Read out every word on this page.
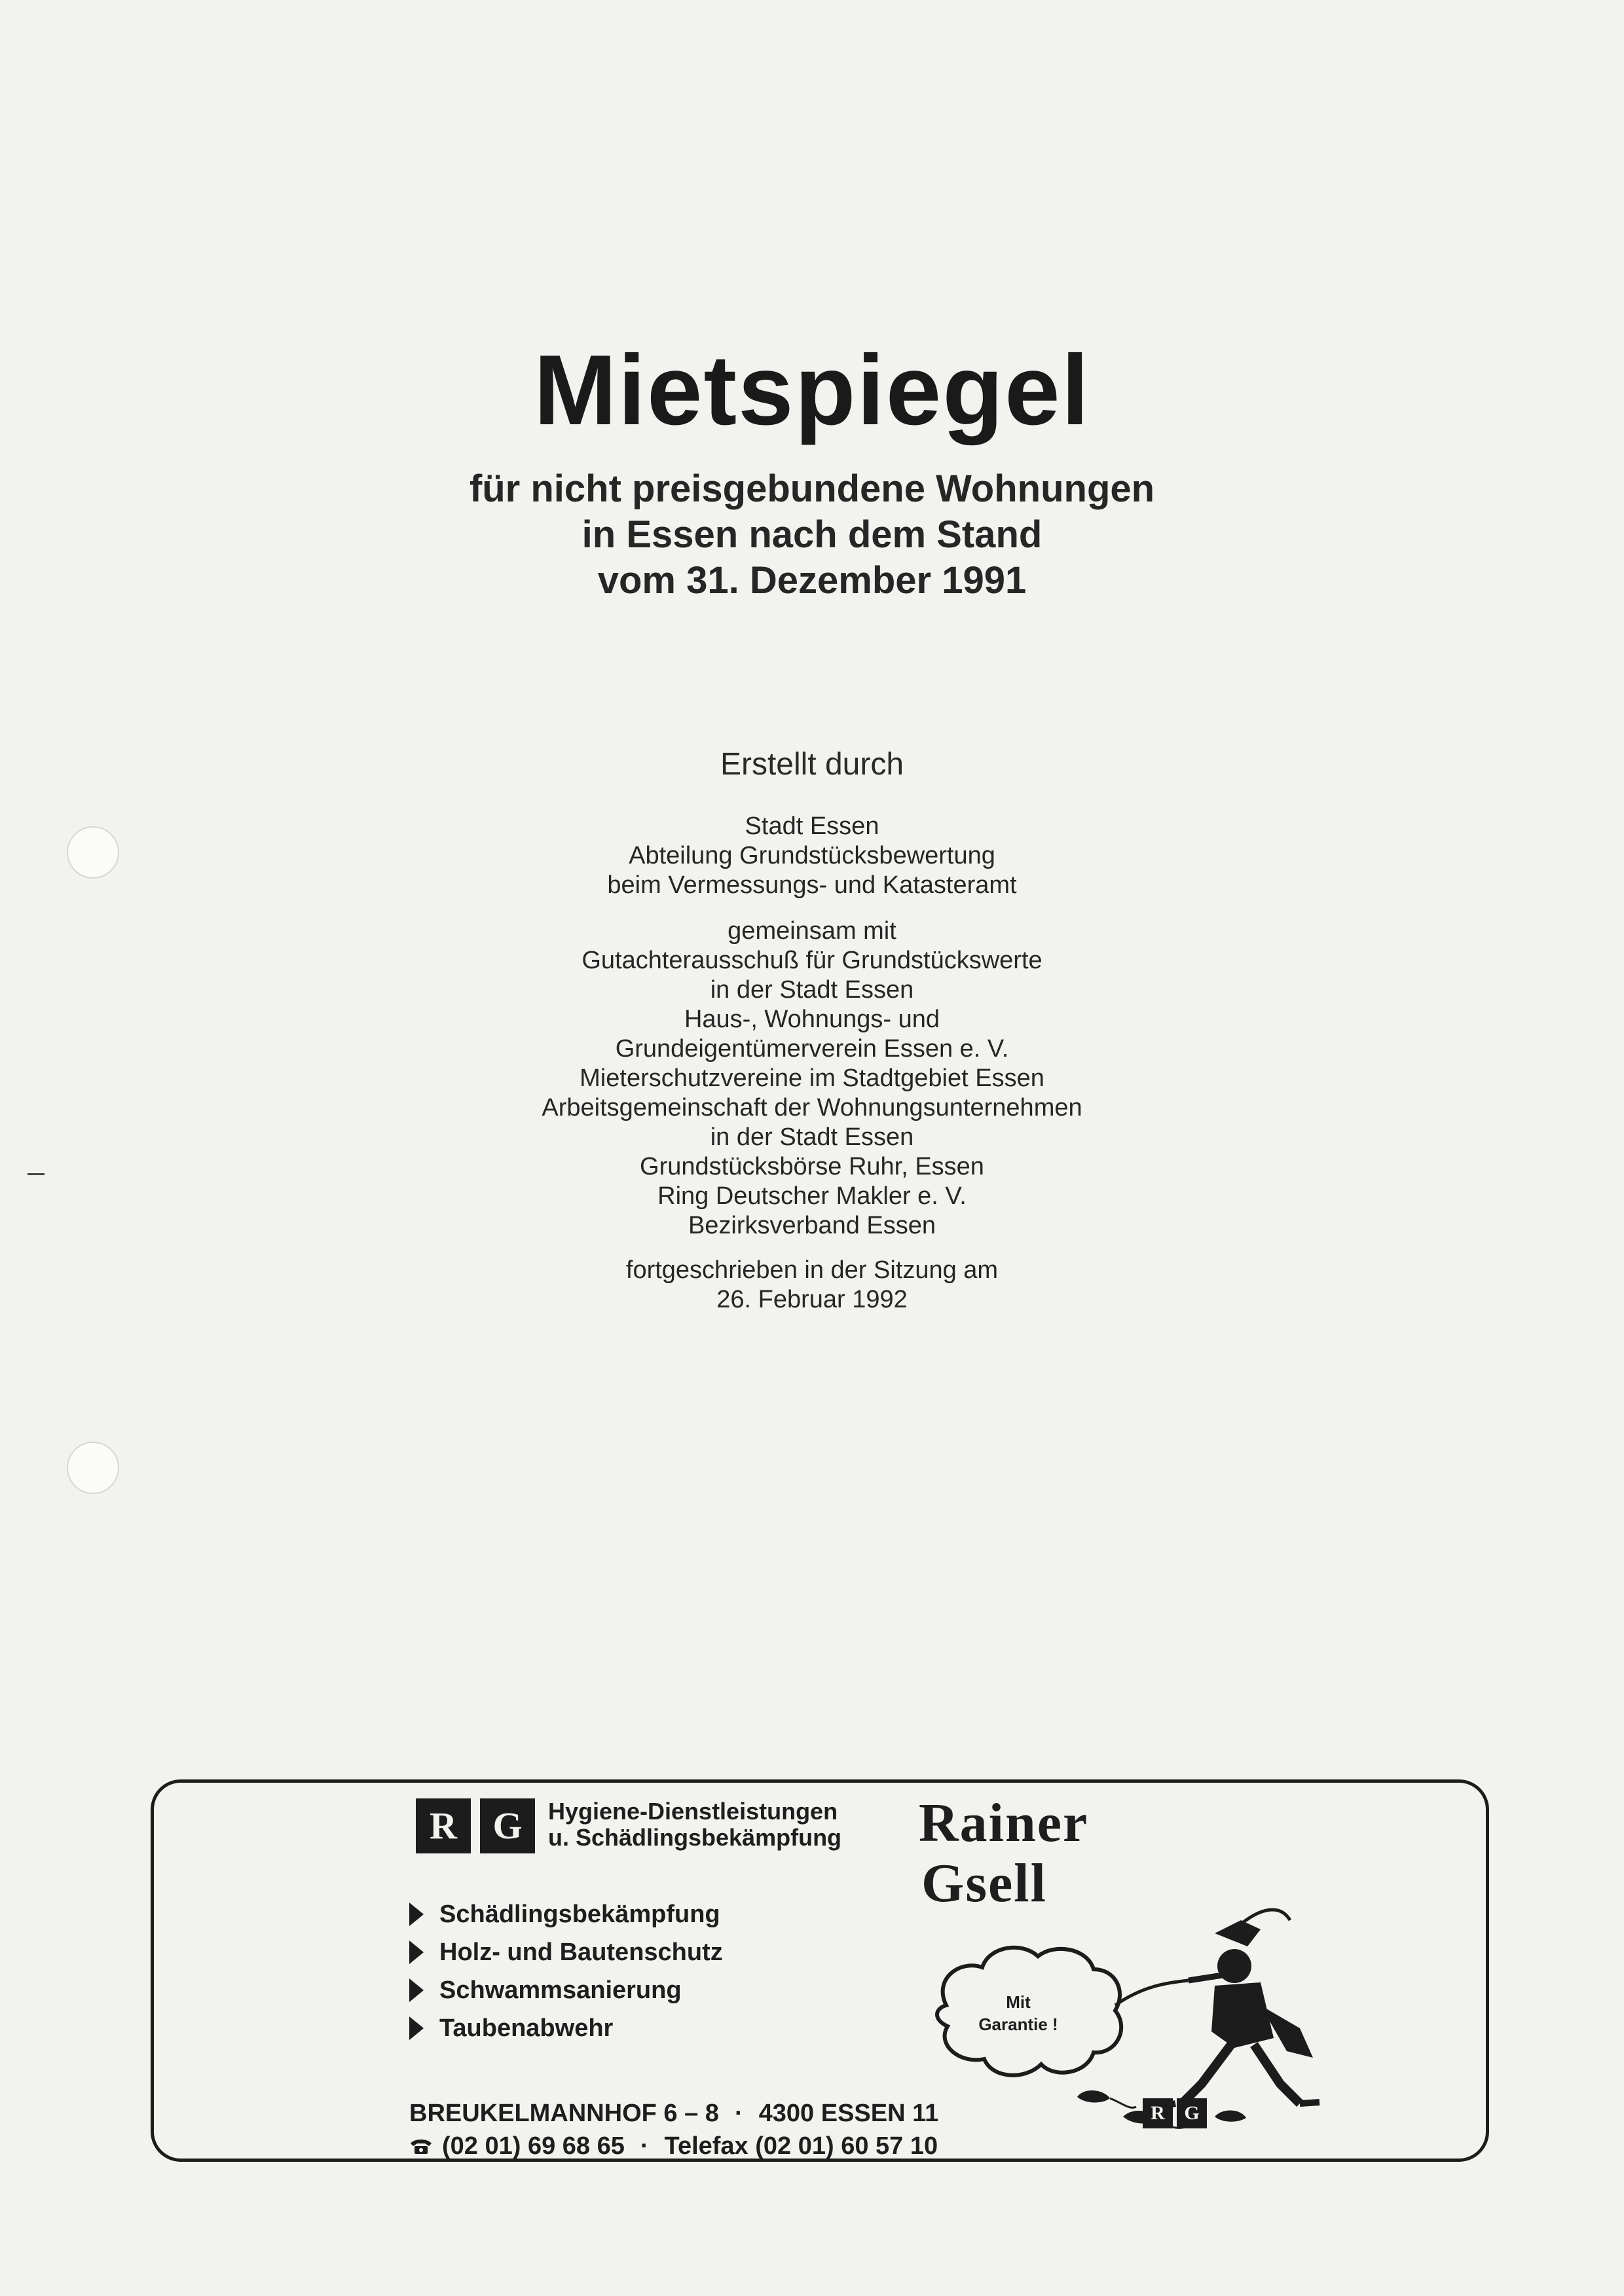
Mietspiegel
für nicht preisgebundene Wohnungen
in Essen nach dem Stand
vom 31. Dezember 1991
Erstellt durch
Stadt Essen
Abteilung Grundstücksbewertung
beim Vermessungs- und Katasteramt
gemeinsam mit
Gutachterausschuß für Grundstückswerte
in der Stadt Essen
Haus-, Wohnungs- und
Grundeigentümerverein Essen e. V.
Mieterschutzvereine im Stadtgebiet Essen
Arbeitsgemeinschaft der Wohnungsunternehmen
in der Stadt Essen
Grundstücksbörse Ruhr, Essen
Ring Deutscher Makler e. V.
Bezirksverband Essen
fortgeschrieben in der Sitzung am
26. Februar 1992
R G	Hygiene-Dienstleistungen
u. Schädlingsbekämpfung Rainer
Gsell
Schädlingsbekämpfung
Holz- und Bautenschutz
Schwammsanierung
Taubenabwehr
Mit
Garantie !
BREUKELMANNHOF 6 – 8 · 4300 ESSEN 11
(02 01) 69 68 65 · Telefax (02 01) 60 57 10
R G
